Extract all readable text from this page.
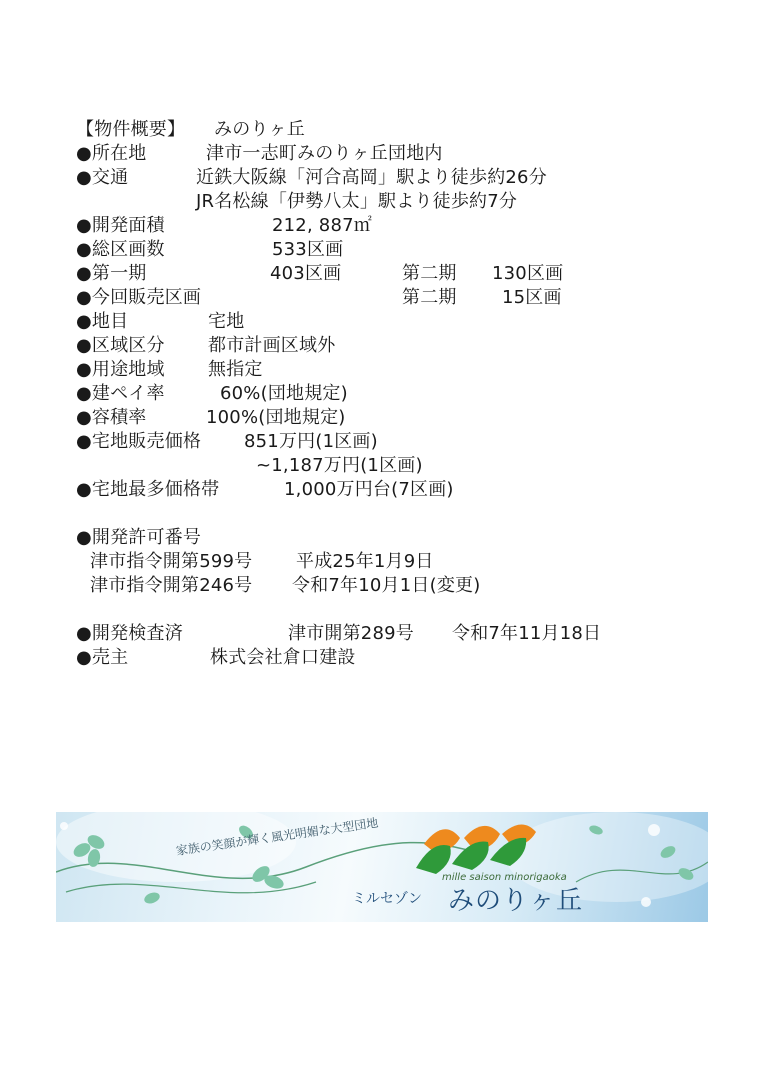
【物件概要】 みのりヶ丘
●所在地	津市一志町みのりヶ丘団地内
●交通	近鉄大阪線「河合高岡」駅より徒歩約26分
JR名松線「伊勢八太」駅より徒歩約7分
●開発面積	212, 887㎡
●総区画数	533区画
●第一期	403区画	第二期 130区画
●今回販売区画	第二期	15区画
●地目	宅地
●区域区分 都市計画区域外
●用途地域 無指定
●建ペイ率	60%(団地規定)
●容積率	100%(団地規定)
●宅地販売価格 851万円(1区画)
~1,187万円(1区画)
●宅地最多価格帯	1,000万円台(7区画)
●開発許可番号
津市指令開第599号 平成25年1月9日
津市指令開第246号 令和7年10月1日(変更)
●開発検査済	津市開第289号 令和7年11月18日
●売主	株式会社倉口建設
家族の笑顔が輝く風光明媚な大型団地
mille saison minorigaoka
ミルセゾン みのりヶ丘
